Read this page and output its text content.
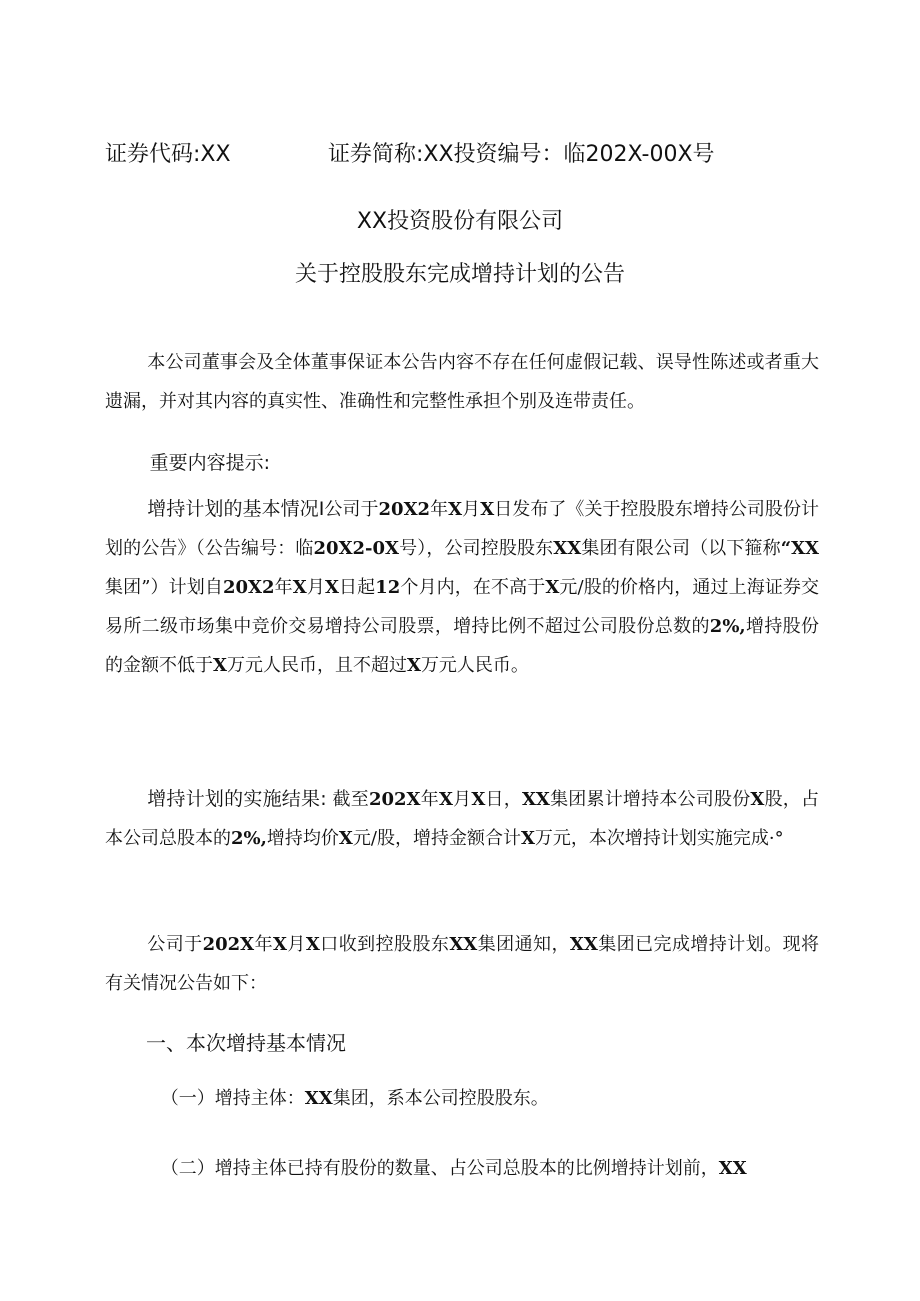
证券代码:XX	证券简称:XX投资编号：临202X-00X号
XX投资股份有限公司
关于控股股东完成增持计划的公告

本公司董事会及全体董事保证本公告内容不存在任何虚假记载、误导性陈述或者重大遗漏，并对其内容的真实性、准确性和完整性承担个别及连带责任。

重要内容提示:

增持计划的基本情况I公司于20X2年X月X日发布了《关于控股股东增持公司股份计划的公告》（公告编号：临20X2-0X号），公司控股股东XX集团有限公司（以下箍称“XX集团”）计划自20X2年X月X日起12个月内，在不高于X元/股的价格内，通过上海证券交易所二级市场集中竞价交易增持公司股票，增持比例不超过公司股份总数的2%,增持股份的金额不低于X万元人民币，且不超过X万元人民币。

增持计划的实施结果: 截至202X年X月X日，XX集团累计增持本公司股份X股，占本公司总股本的2%,增持均价X元/股，增持金额合计X万元，本次增持计划实施完成·°

公司于202X年X月X口收到控股股东XX集团通知，XX集团已完成增持计划。现将有关情况公告如下：

一、本次增持基本情况

（一）增持主体：XX集团，系本公司控股股东。

（二）增持主体已持有股份的数量、占公司总股本的比例增持计划前，XX
